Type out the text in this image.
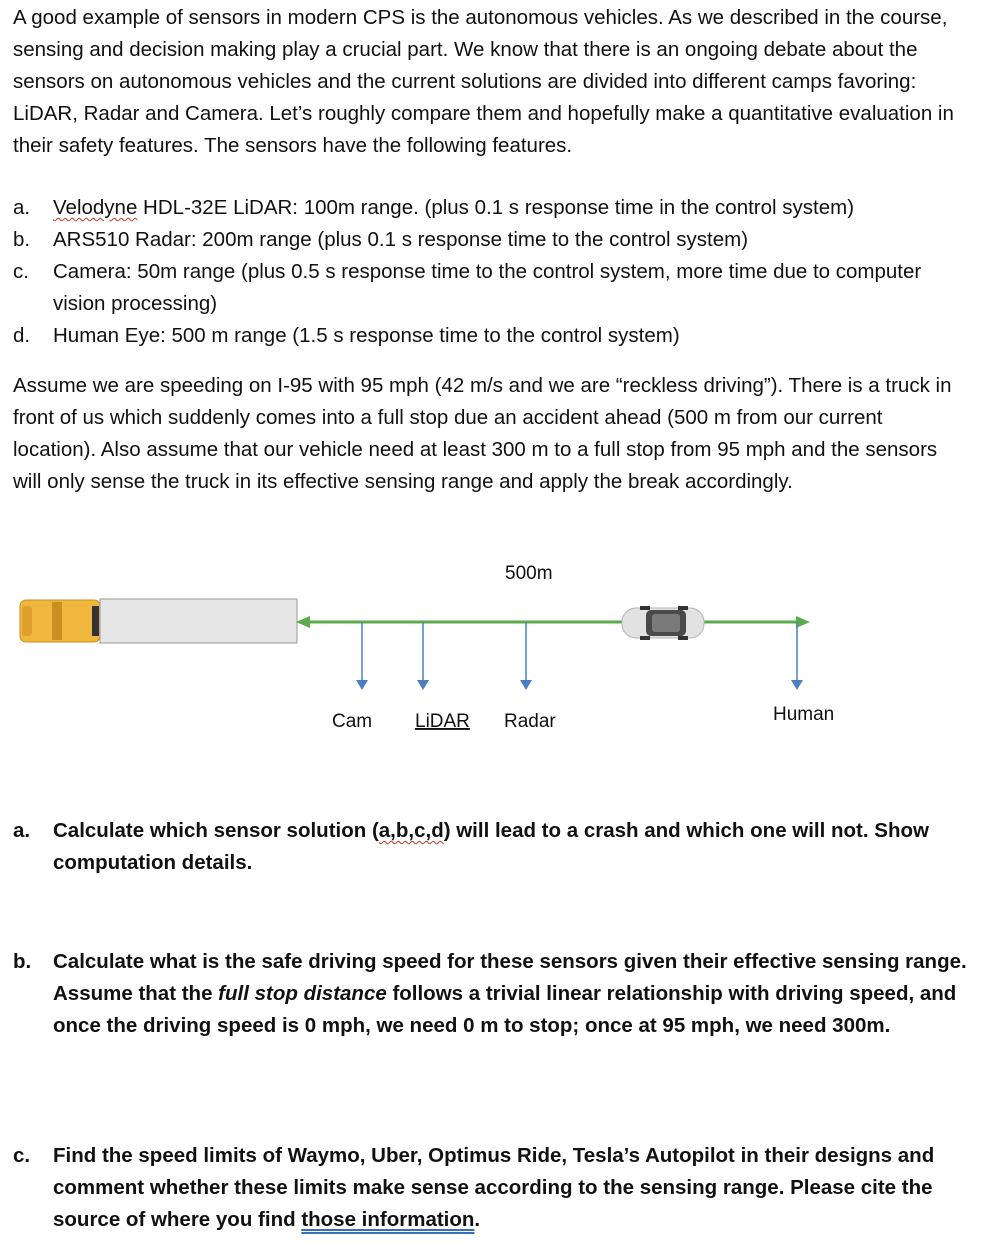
A good example of sensors in modern CPS is the autonomous vehicles. As we described in the course, sensing and decision making play a crucial part. We know that there is an ongoing debate about the sensors on autonomous vehicles and the current solutions are divided into different camps favoring: LiDAR, Radar and Camera. Let’s roughly compare them and hopefully make a quantitative evaluation in their safety features. The sensors have the following features.

a. Velodyne HDL-32E LiDAR: 100m range. (plus 0.1 s response time in the control system)
b. ARS510 Radar: 200m range (plus 0.1 s response time to the control system)
c. Camera: 50m range (plus 0.5 s response time to the control system, more time due to computer vision processing)
d. Human Eye: 500 m range (1.5 s response time to the control system)

Assume we are speeding on I-95 with 95 mph (42 m/s and we are “reckless driving”). There is a truck in front of us which suddenly comes into a full stop due an accident ahead (500 m from our current location). Also assume that our vehicle need at least 300 m to a full stop from 95 mph and the sensors will only sense the truck in its effective sensing range and apply the break accordingly.

500m
Cam LiDAR Radar	Human
a.	Calculate which sensor solution (a,b,c,d) will lead to a crash and which one will not. Show computation details.
b.	Calculate what is the safe driving speed for these sensors given their effective sensing range. Assume that the full stop distance follows a trivial linear relationship with driving speed, and once the driving speed is 0 mph, we need 0 m to stop; once at 95 mph, we need 300m.
c.	Find the speed limits of Waymo, Uber, Optimus Ride, Tesla’s Autopilot in their designs and comment whether these limits make sense according to the sensing range. Please cite the source of where you find those information.
